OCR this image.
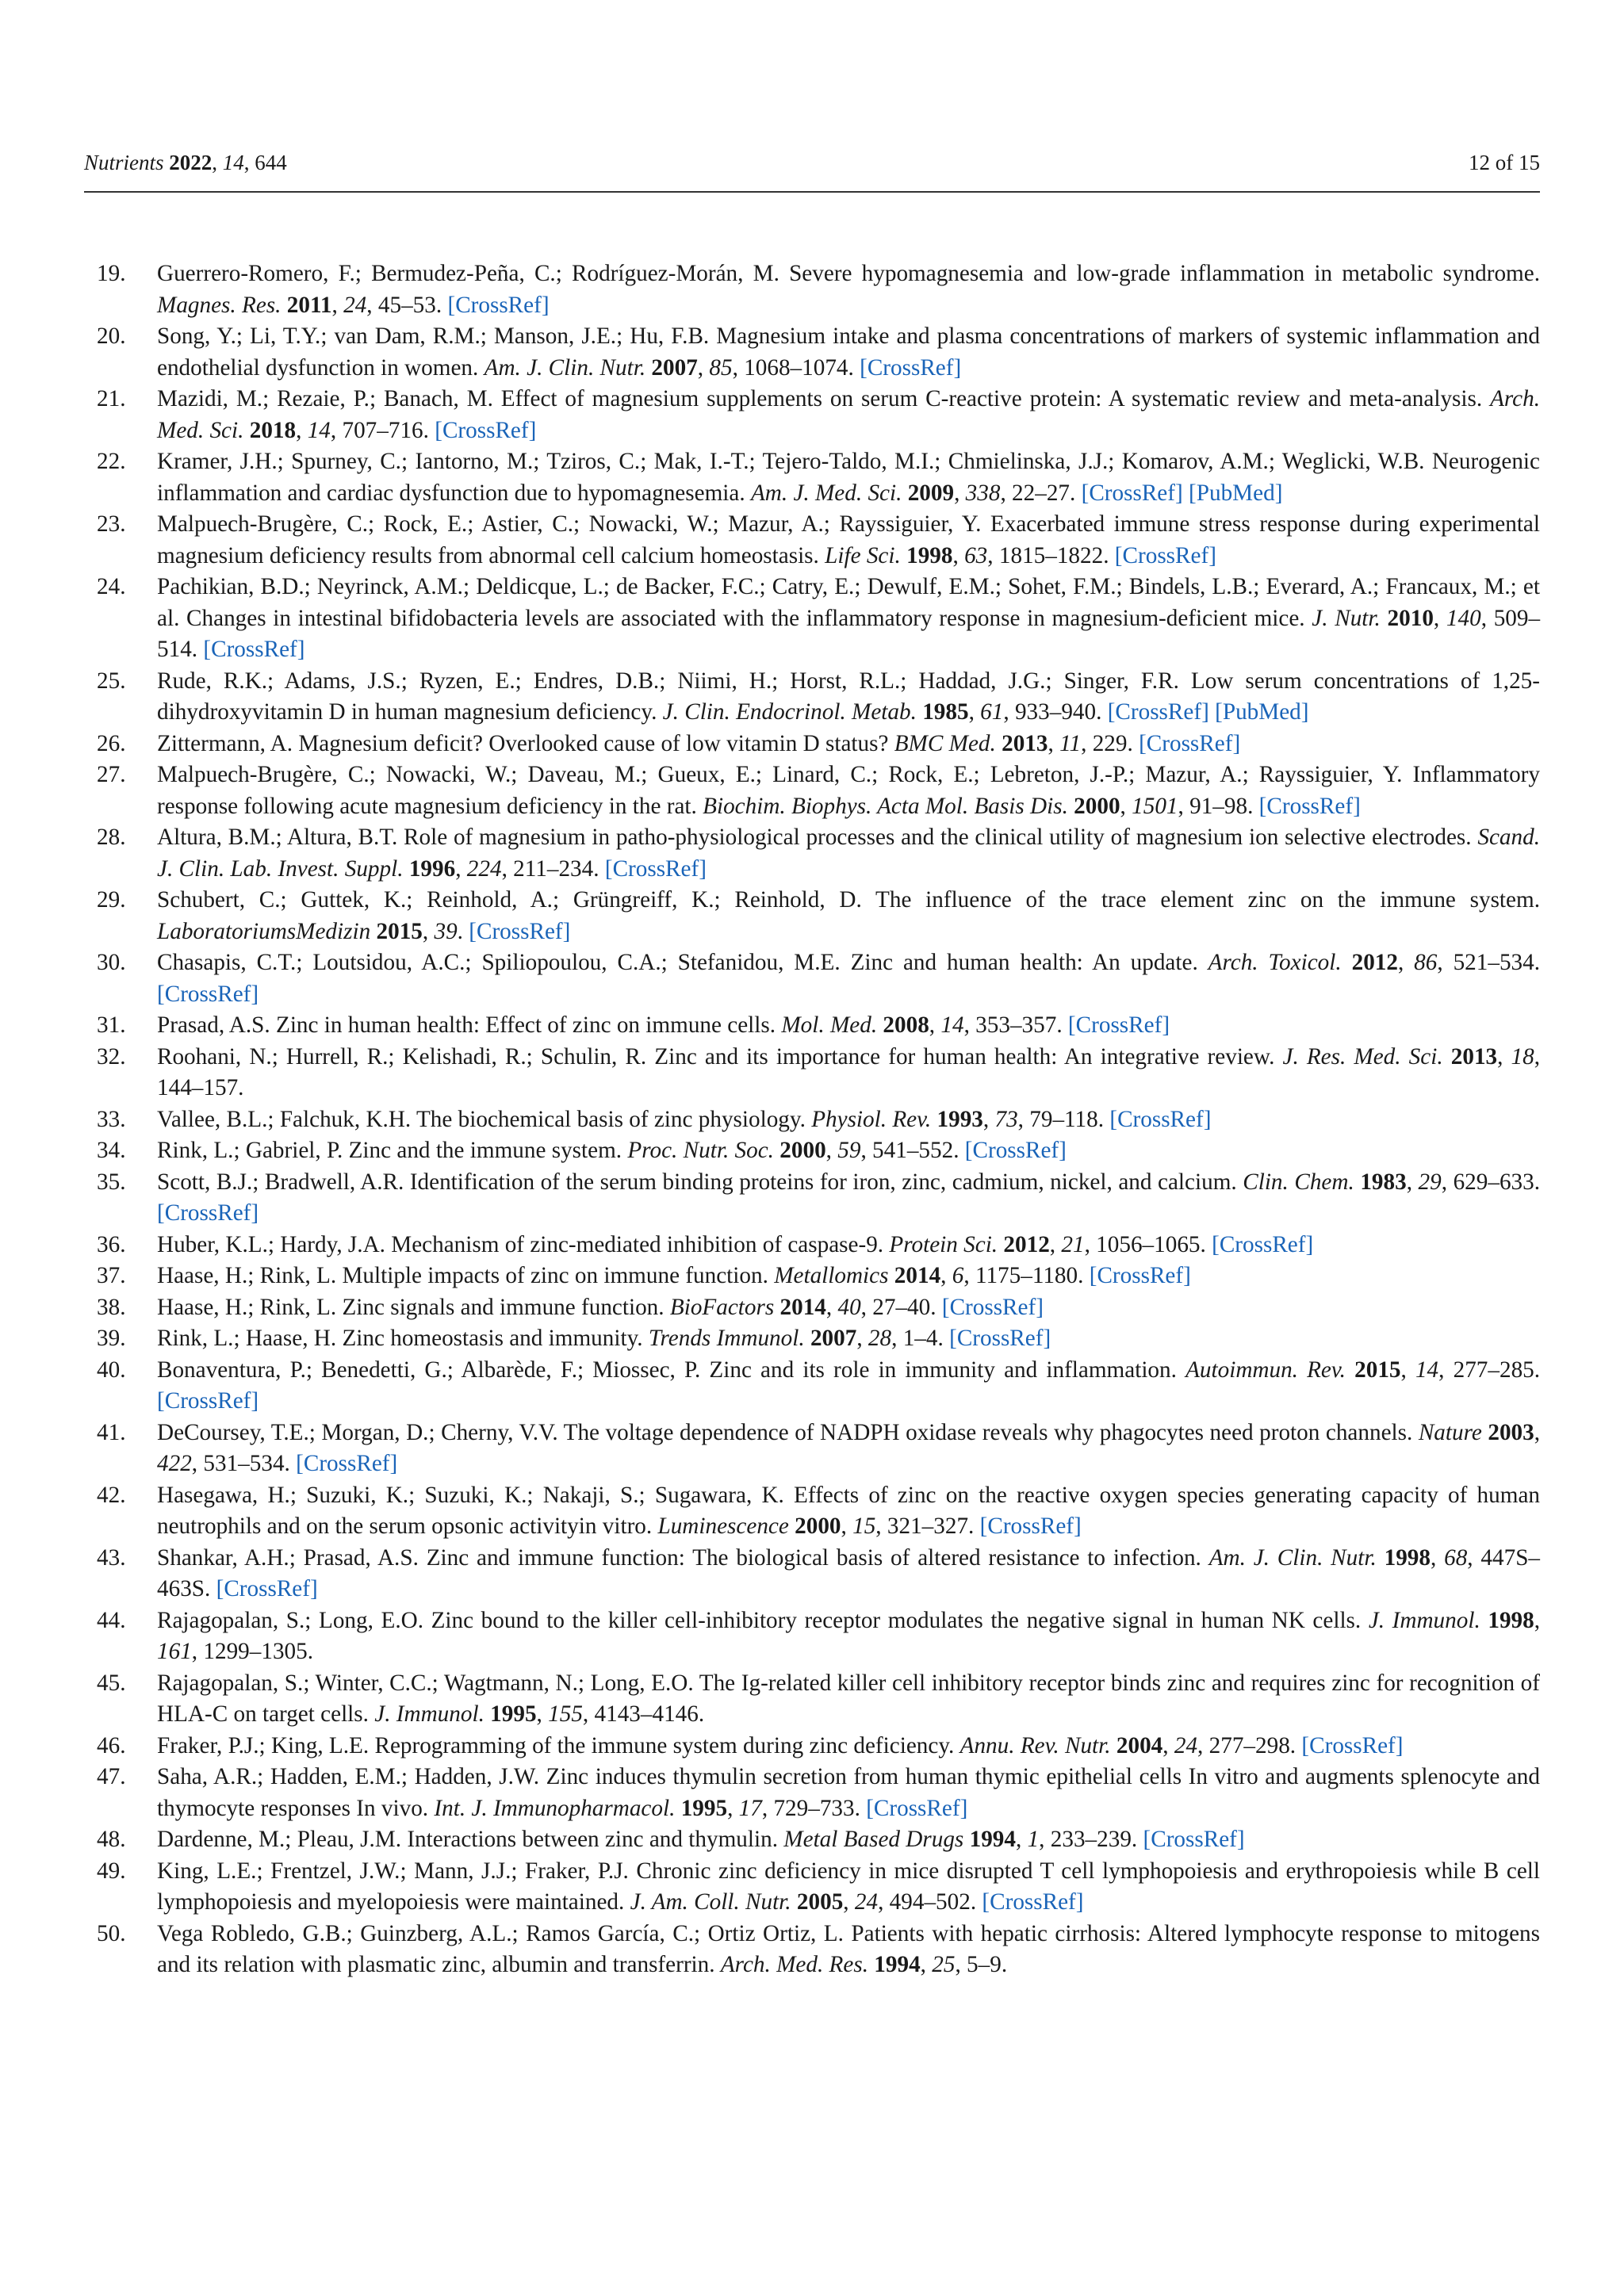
Nutrients 2022, 14, 644	12 of 15
19. Guerrero-Romero, F.; Bermudez-Peña, C.; Rodríguez-Morán, M. Severe hypomagnesemia and low-grade inflammation in metabolic syndrome. Magnes. Res. 2011, 24, 45–53. [CrossRef]
20. Song, Y.; Li, T.Y.; van Dam, R.M.; Manson, J.E.; Hu, F.B. Magnesium intake and plasma concentrations of markers of systemic inflammation and endothelial dysfunction in women. Am. J. Clin. Nutr. 2007, 85, 1068–1074. [CrossRef]
21. Mazidi, M.; Rezaie, P.; Banach, M. Effect of magnesium supplements on serum C-reactive protein: A systematic review and meta-analysis. Arch. Med. Sci. 2018, 14, 707–716. [CrossRef]
22. Kramer, J.H.; Spurney, C.; Iantorno, M.; Tziros, C.; Mak, I.-T.; Tejero-Taldo, M.I.; Chmielinska, J.J.; Komarov, A.M.; Weglicki, W.B. Neurogenic inflammation and cardiac dysfunction due to hypomagnesemia. Am. J. Med. Sci. 2009, 338, 22–27. [CrossRef] [PubMed]
23. Malpuech-Brugère, C.; Rock, E.; Astier, C.; Nowacki, W.; Mazur, A.; Rayssiguier, Y. Exacerbated immune stress response during experimental magnesium deficiency results from abnormal cell calcium homeostasis. Life Sci. 1998, 63, 1815–1822. [CrossRef]
24. Pachikian, B.D.; Neyrinck, A.M.; Deldicque, L.; de Backer, F.C.; Catry, E.; Dewulf, E.M.; Sohet, F.M.; Bindels, L.B.; Everard, A.; Francaux, M.; et al. Changes in intestinal bifidobacteria levels are associated with the inflammatory response in magnesium-deficient mice. J. Nutr. 2010, 140, 509–514. [CrossRef]
25. Rude, R.K.; Adams, J.S.; Ryzen, E.; Endres, D.B.; Niimi, H.; Horst, R.L.; Haddad, J.G.; Singer, F.R. Low serum concentrations of 1,25-dihydroxyvitamin D in human magnesium deficiency. J. Clin. Endocrinol. Metab. 1985, 61, 933–940. [CrossRef] [PubMed]
26. Zittermann, A. Magnesium deficit? Overlooked cause of low vitamin D status? BMC Med. 2013, 11, 229. [CrossRef]
27. Malpuech-Brugère, C.; Nowacki, W.; Daveau, M.; Gueux, E.; Linard, C.; Rock, E.; Lebreton, J.-P.; Mazur, A.; Rayssiguier, Y. Inflammatory response following acute magnesium deficiency in the rat. Biochim. Biophys. Acta Mol. Basis Dis. 2000, 1501, 91–98. [CrossRef]
28. Altura, B.M.; Altura, B.T. Role of magnesium in patho-physiological processes and the clinical utility of magnesium ion selective electrodes. Scand. J. Clin. Lab. Invest. Suppl. 1996, 224, 211–234. [CrossRef]
29. Schubert, C.; Guttek, K.; Reinhold, A.; Grüngreiff, K.; Reinhold, D. The influence of the trace element zinc on the immune system. LaboratoriumsMedizin 2015, 39. [CrossRef]
30. Chasapis, C.T.; Loutsidou, A.C.; Spiliopoulou, C.A.; Stefanidou, M.E. Zinc and human health: An update. Arch. Toxicol. 2012, 86, 521–534. [CrossRef]
31. Prasad, A.S. Zinc in human health: Effect of zinc on immune cells. Mol. Med. 2008, 14, 353–357. [CrossRef]
32. Roohani, N.; Hurrell, R.; Kelishadi, R.; Schulin, R. Zinc and its importance for human health: An integrative review. J. Res. Med. Sci. 2013, 18, 144–157.
33. Vallee, B.L.; Falchuk, K.H. The biochemical basis of zinc physiology. Physiol. Rev. 1993, 73, 79–118. [CrossRef]
34. Rink, L.; Gabriel, P. Zinc and the immune system. Proc. Nutr. Soc. 2000, 59, 541–552. [CrossRef]
35. Scott, B.J.; Bradwell, A.R. Identification of the serum binding proteins for iron, zinc, cadmium, nickel, and calcium. Clin. Chem. 1983, 29, 629–633. [CrossRef]
36. Huber, K.L.; Hardy, J.A. Mechanism of zinc-mediated inhibition of caspase-9. Protein Sci. 2012, 21, 1056–1065. [CrossRef]
37. Haase, H.; Rink, L. Multiple impacts of zinc on immune function. Metallomics 2014, 6, 1175–1180. [CrossRef]
38. Haase, H.; Rink, L. Zinc signals and immune function. BioFactors 2014, 40, 27–40. [CrossRef]
39. Rink, L.; Haase, H. Zinc homeostasis and immunity. Trends Immunol. 2007, 28, 1–4. [CrossRef]
40. Bonaventura, P.; Benedetti, G.; Albarède, F.; Miossec, P. Zinc and its role in immunity and inflammation. Autoimmun. Rev. 2015, 14, 277–285. [CrossRef]
41. DeCoursey, T.E.; Morgan, D.; Cherny, V.V. The voltage dependence of NADPH oxidase reveals why phagocytes need proton channels. Nature 2003, 422, 531–534. [CrossRef]
42. Hasegawa, H.; Suzuki, K.; Suzuki, K.; Nakaji, S.; Sugawara, K. Effects of zinc on the reactive oxygen species generating capacity of human neutrophils and on the serum opsonic activityin vitro. Luminescence 2000, 15, 321–327. [CrossRef]
43. Shankar, A.H.; Prasad, A.S. Zinc and immune function: The biological basis of altered resistance to infection. Am. J. Clin. Nutr. 1998, 68, 447S–463S. [CrossRef]
44. Rajagopalan, S.; Long, E.O. Zinc bound to the killer cell-inhibitory receptor modulates the negative signal in human NK cells. J. Immunol. 1998, 161, 1299–1305.
45. Rajagopalan, S.; Winter, C.C.; Wagtmann, N.; Long, E.O. The Ig-related killer cell inhibitory receptor binds zinc and requires zinc for recognition of HLA-C on target cells. J. Immunol. 1995, 155, 4143–4146.
46. Fraker, P.J.; King, L.E. Reprogramming of the immune system during zinc deficiency. Annu. Rev. Nutr. 2004, 24, 277–298. [CrossRef]
47. Saha, A.R.; Hadden, E.M.; Hadden, J.W. Zinc induces thymulin secretion from human thymic epithelial cells In vitro and augments splenocyte and thymocyte responses In vivo. Int. J. Immunopharmacol. 1995, 17, 729–733. [CrossRef]
48. Dardenne, M.; Pleau, J.M. Interactions between zinc and thymulin. Metal Based Drugs 1994, 1, 233–239. [CrossRef]
49. King, L.E.; Frentzel, J.W.; Mann, J.J.; Fraker, P.J. Chronic zinc deficiency in mice disrupted T cell lymphopoiesis and erythropoiesis while B cell lymphopoiesis and myelopoiesis were maintained. J. Am. Coll. Nutr. 2005, 24, 494–502. [CrossRef]
50. Vega Robledo, G.B.; Guinzberg, A.L.; Ramos García, C.; Ortiz Ortiz, L. Patients with hepatic cirrhosis: Altered lymphocyte response to mitogens and its relation with plasmatic zinc, albumin and transferrin. Arch. Med. Res. 1994, 25, 5–9.
